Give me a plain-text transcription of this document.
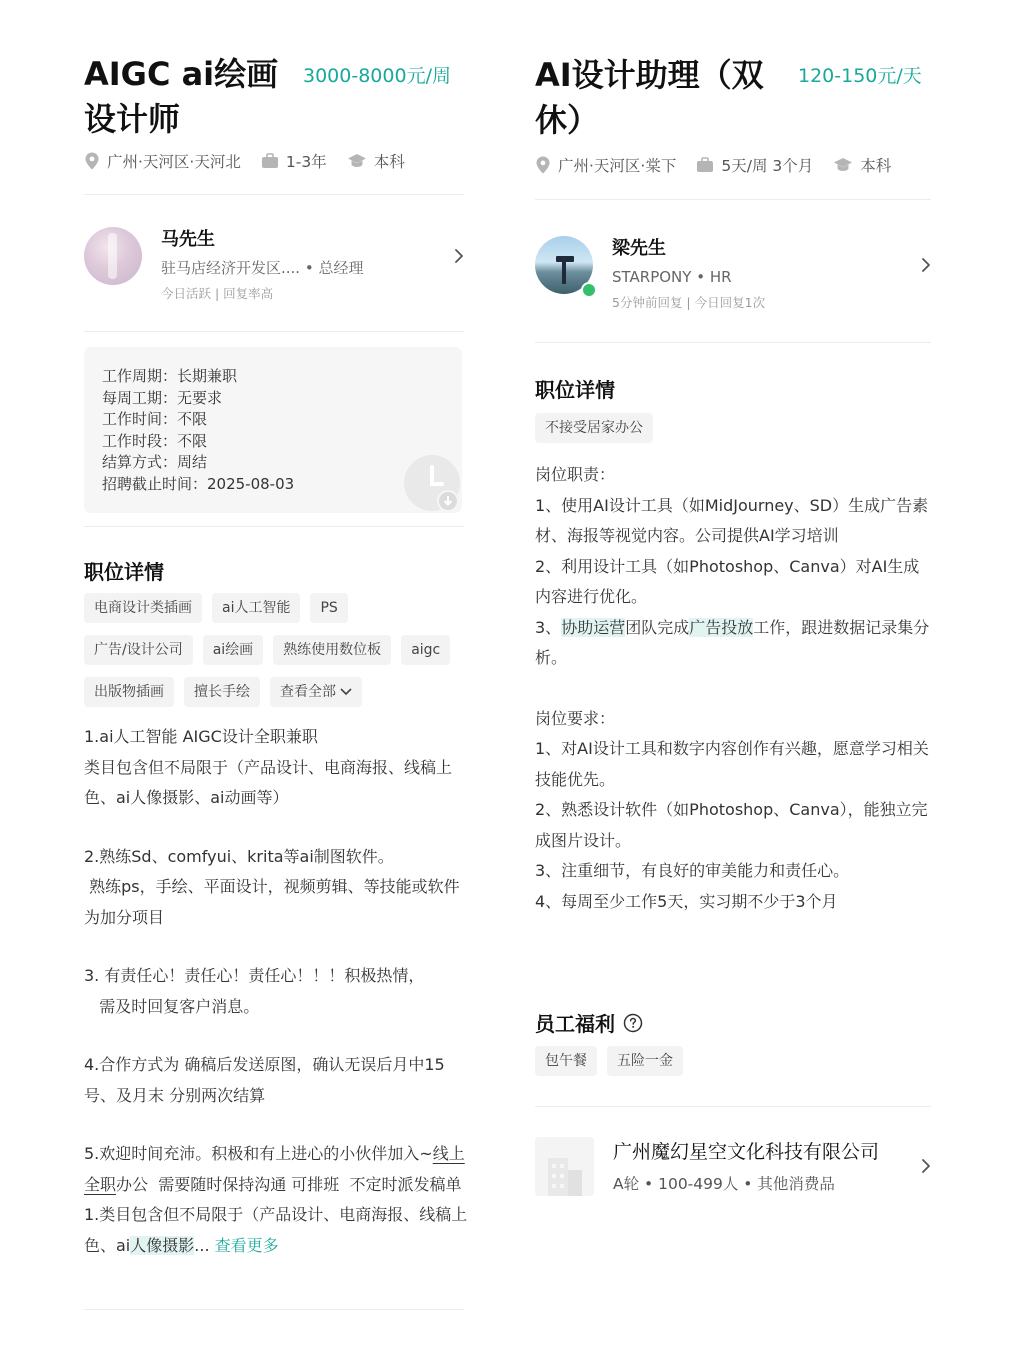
AIGC ai绘画
设计师
3000-8000元/周
广州·天河区·天河北	1-3年	本科
马先生
驻马店经济开发区.... • 总经理
今日活跃 | 回复率高
工作周期：长期兼职
每周工期：无要求
工作时间：不限
工作时段：不限
结算方式：周结
招聘截止时间：2025-08-03
职位详情
电商设计类插画	ai人工智能	PS
广告/设计公司	ai绘画	熟练使用数位板	aigc
出版物插画	擅长手绘	查看全部

1.ai人工智能 AIGC设计全职兼职

类目包含但不局限于（产品设计、电商海报、线稿上色、ai人像摄影、ai动画等）

2.熟练Sd、comfyui、krita等ai制图软件。

熟练ps，手绘、平面设计，视频剪辑、等技能或软件为加分项目

3. 有责任心！责任心！责任心！！！积极热情，

需及时回复客户消息。

4.合作方式为 确稿后发送原图，确认无误后月中15号、及月末 分别两次结算

5.欢迎时间充沛。积极和有上进心的小伙伴加入~线上全职办公  需要随时保持沟通 可排班  不定时派发稿单

1.类目包含但不局限于（产品设计、电商海报、线稿上色、ai人像摄影... 查看更多

AI设计助理（双
休）
120-150元/天
广州·天河区·棠下	5天/周 3个月	本科
梁先生
STARPONY • HR
5分钟前回复 | 今日回复1次
职位详情
不接受居家办公

岗位职责：

1、使用AI设计工具（如MidJourney、SD）生成广告素材、海报等视觉内容。公司提供AI学习培训

2、利用设计工具（如Photoshop、Canva）对AI生成内容进行优化。

3、协助运营团队完成广告投放工作，跟进数据记录集分析。

岗位要求：

1、对AI设计工具和数字内容创作有兴趣，愿意学习相关技能优先。

2、熟悉设计软件（如Photoshop、Canva），能独立完成图片设计。

3、注重细节，有良好的审美能力和责任心。

4、每周至少工作5天，实习期不少于3个月

员工福利
包午餐	五险一金
广州魔幻星空文化科技有限公司
A轮 • 100-499人 • 其他消费品
